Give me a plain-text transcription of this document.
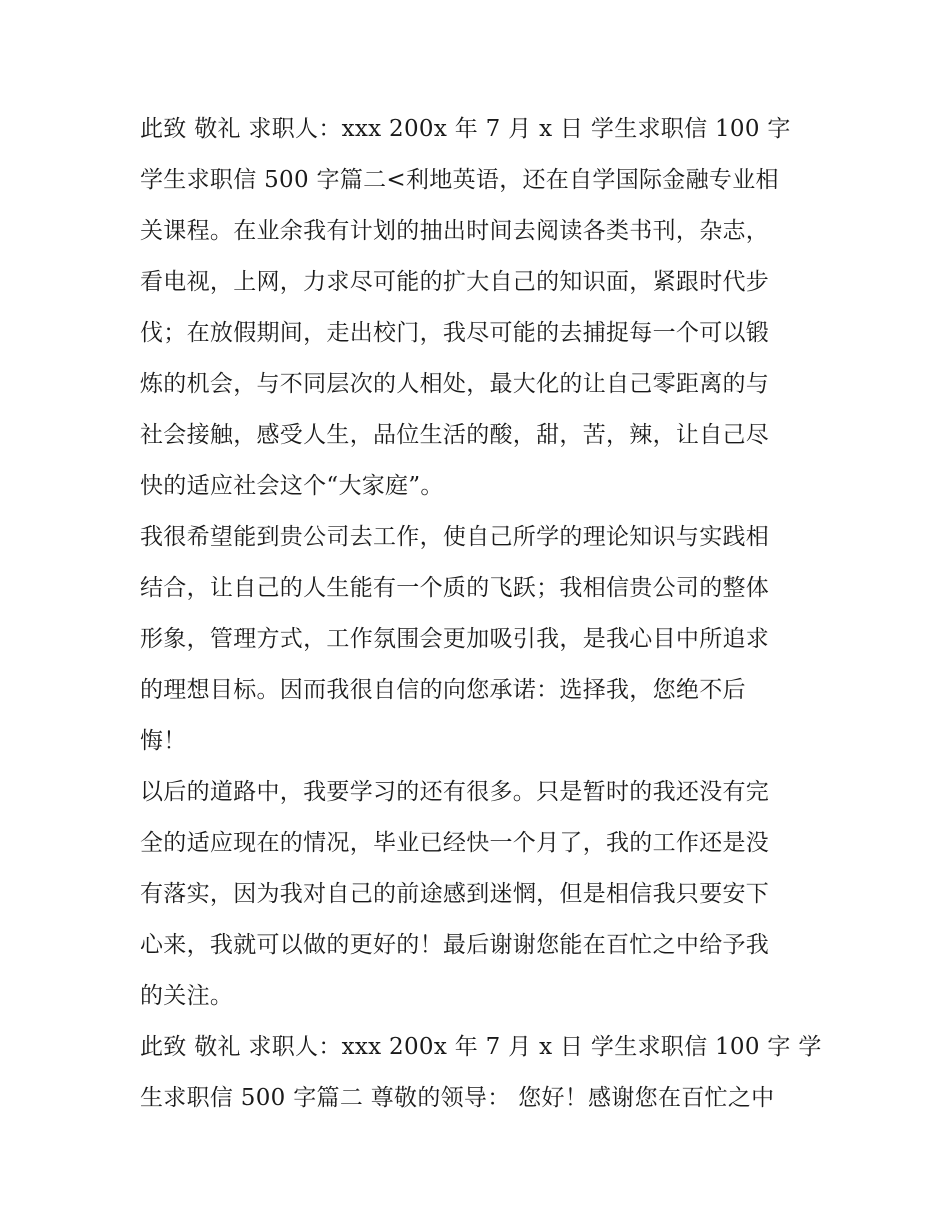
此致 敬礼 求职人：xxx 200x 年 7 月 x 日 学生求职信 100 字
学生求职信 500 字篇二<利地英语，还在自学国际金融专业相
关课程。在业余我有计划的抽出时间去阅读各类书刊，杂志，
看电视，上网，力求尽可能的扩大自己的知识面，紧跟时代步
伐；在放假期间，走出校门，我尽可能的去捕捉每一个可以锻
炼的机会，与不同层次的人相处，最大化的让自己零距离的与
社会接触，感受人生，品位生活的酸，甜，苦，辣，让自己尽
快的适应社会这个“大家庭”。
我很希望能到贵公司去工作，使自己所学的理论知识与实践相
结合，让自己的人生能有一个质的飞跃；我相信贵公司的整体
形象，管理方式，工作氛围会更加吸引我，是我心目中所追求
的理想目标。因而我很自信的向您承诺：选择我，您绝不后
悔！
以后的道路中，我要学习的还有很多。只是暂时的我还没有完
全的适应现在的情况，毕业已经快一个月了，我的工作还是没
有落实，因为我对自己的前途感到迷惘，但是相信我只要安下
心来，我就可以做的更好的！最后谢谢您能在百忙之中给予我
的关注。
此致 敬礼 求职人：xxx 200x 年 7 月 x 日 学生求职信 100 字 学
生求职信 500 字篇二 尊敬的领导： 您好！感谢您在百忙之中
